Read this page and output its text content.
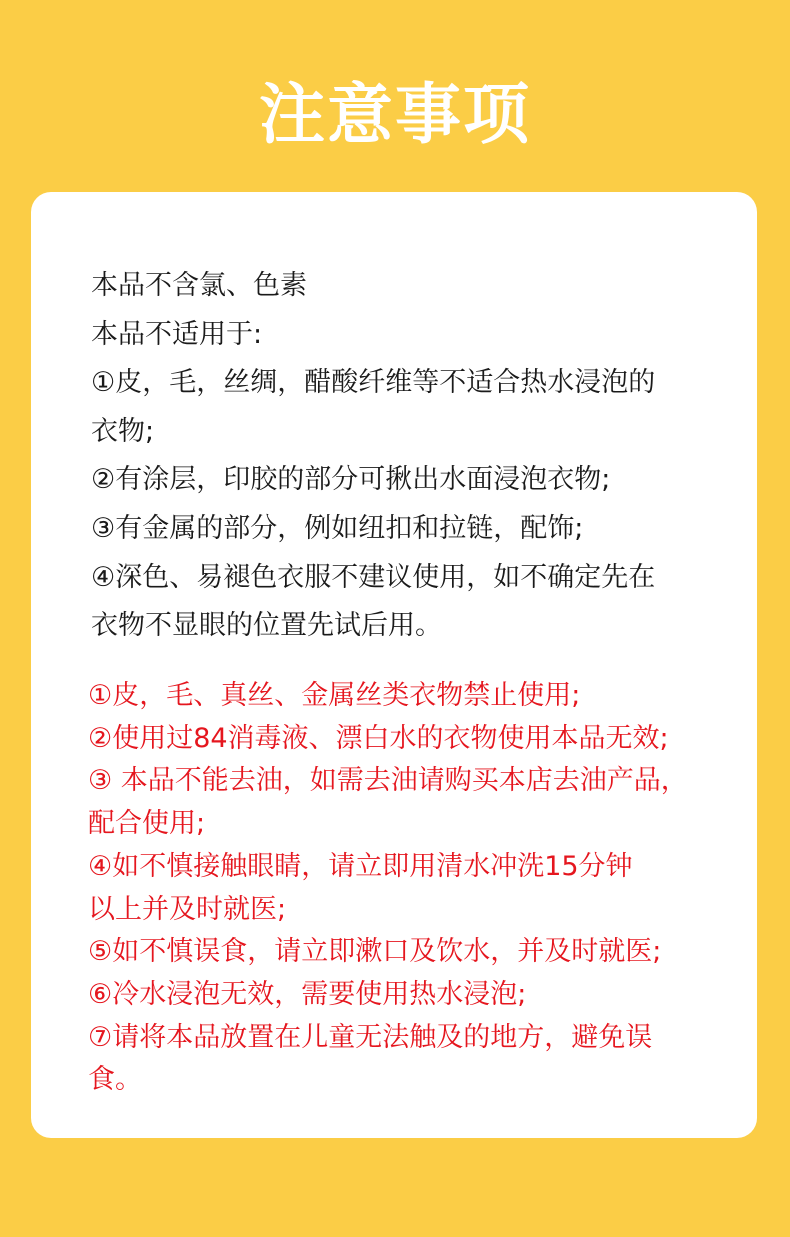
注意事项
本品不含氯、色素
本品不适用于:
①皮，毛，丝绸，醋酸纤维等不适合热水浸泡的
衣物;
②有涂层，印胶的部分可揪出水面浸泡衣物;
③有金属的部分，例如纽扣和拉链，配饰;
④深色、易褪色衣服不建议使用，如不确定先在
衣物不显眼的位置先试后用。
①皮，毛、真丝、金属丝类衣物禁止使用;
②使用过84消毒液、漂白水的衣物使用本品无效;
③ 本品不能去油，如需去油请购买本店去油产品，
配合使用;
④如不慎接触眼睛，请立即用清水冲洗15分钟
以上并及时就医;
⑤如不慎误食，请立即漱口及饮水，并及时就医;
⑥冷水浸泡无效，需要使用热水浸泡;
⑦请将本品放置在儿童无法触及的地方，避免误
食。
